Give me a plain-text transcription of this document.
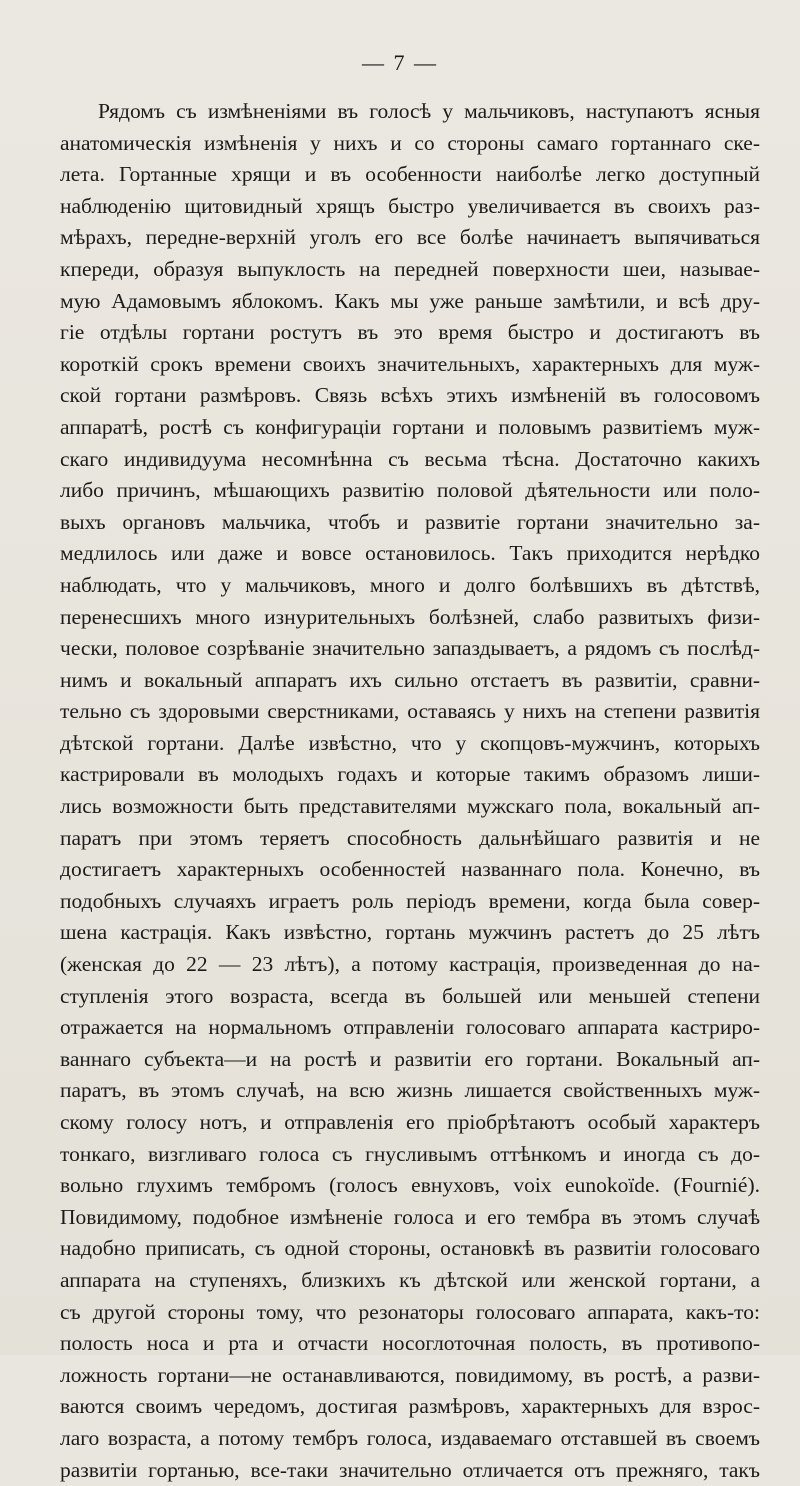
— 7 —
Рядомъ съ измѣненіями въ голосѣ у мальчиковъ, наступаютъ ясныя
анатомическія измѣненія у нихъ и со стороны самаго гортаннаго ске-
лета. Гортанные хрящи и въ особенности наиболѣе легко доступный
наблюденію щитовидный хрящъ быстро увеличивается въ своихъ раз-
мѣрахъ, передне-верхній уголъ его все болѣе начинаетъ выпячиваться
кпереди, образуя выпуклость на передней поверхности шеи, называе-
мую Адамовымъ яблокомъ. Какъ мы уже раньше замѣтили, и всѣ дру-
гіе отдѣлы гортани ростутъ въ это время быстро и достигаютъ въ
короткій срокъ времени своихъ значительныхъ, характерныхъ для муж-
ской гортани размѣровъ. Связь всѣхъ этихъ измѣненій въ голосовомъ
аппаратѣ, ростѣ съ конфигураціи гортани и половымъ развитіемъ муж-
скаго индивидуума несомнѣнна съ весьма тѣсна. Достаточно какихъ
либо причинъ, мѣшающихъ развитію половой дѣятельности или поло-
выхъ органовъ мальчика, чтобъ и развитіе гортани значительно за-
медлилось или даже и вовсе остановилось. Такъ приходится нерѣдко
наблюдать, что у мальчиковъ, много и долго болѣвшихъ въ дѣтствѣ,
перенесшихъ много изнурительныхъ болѣзней, слабо развитыхъ физи-
чески, половое созрѣваніе значительно запаздываетъ, а рядомъ съ послѣд-
нимъ и вокальный аппаратъ ихъ сильно отстаетъ въ развитіи, сравни-
тельно съ здоровыми сверстниками, оставаясь у нихъ на степени развитія
дѣтской гортани. Далѣе извѣстно, что у скопцовъ-мужчинъ, которыхъ
кастрировали въ молодыхъ годахъ и которые такимъ образомъ лиши-
лись возможности быть представителями мужскаго пола, вокальный ап-
паратъ при этомъ теряетъ способность дальнѣйшаго развитія и не
достигаетъ характерныхъ особенностей названнаго пола. Конечно, въ
подобныхъ случаяхъ играетъ роль періодъ времени, когда была совер-
шена кастрація. Какъ извѣстно, гортань мужчинъ растетъ до 25 лѣтъ
(женская до 22 — 23 лѣтъ), а потому кастрація, произведенная до на-
ступленія этого возраста, всегда въ большей или меньшей степени
отражается на нормальномъ отправленіи голосоваго аппарата кастриро-
ваннаго субъекта—и на ростѣ и развитіи его гортани. Вокальный ап-
паратъ, въ этомъ случаѣ, на всю жизнь лишается свойственныхъ муж-
скому голосу нотъ, и отправленія его пріобрѣтаютъ особый характеръ
тонкаго, визгливаго голоса съ гнусливымъ оттѣнкомъ и иногда съ до-
вольно глухимъ тембромъ (голосъ евнуховъ, voix eunokoïde. (Fournié).
Повидимому, подобное измѣненіе голоса и его тембра въ этомъ случаѣ
надобно приписать, съ одной стороны, остановкѣ въ развитіи голосоваго
аппарата на ступеняхъ, близкихъ къ дѣтской или женской гортани, а
съ другой стороны тому, что резонаторы голосоваго аппарата, какъ-то:
полость носа и рта и отчасти носоглоточная полость, въ противопо-
ложность гортани—не останавливаются, повидимому, въ ростѣ, а разви-
ваются своимъ чередомъ, достигая размѣровъ, характерныхъ для взрос-
лаго возраста, а потому тембръ голоса, издаваемаго отставшей въ своемъ
развитіи гортанью, все-таки значительно отличается отъ прежняго, такъ
